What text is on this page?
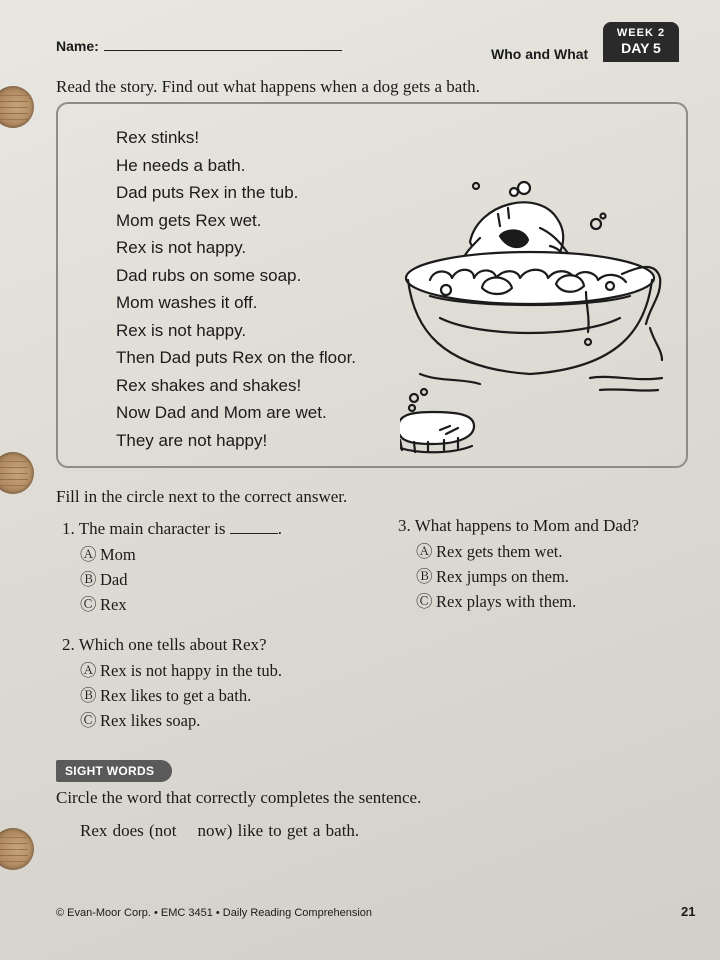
Name:	Who and What
WEEK 2
DAY 5
Read the story. Find out what happens when a dog gets a bath.
Rex stinks!
He needs a bath.
Dad puts Rex in the tub.
Mom gets Rex wet.
Rex is not happy.
Dad rubs on some soap.
Mom washes it off.
Rex is not happy.
Then Dad puts Rex on the floor.
Rex shakes and shakes!
Now Dad and Mom are wet.
They are not happy!
Fill in the circle next to the correct answer.
1. The main character is	.
Ⓐ Mom
Ⓑ Dad
Ⓒ Rex
2. Which one tells about Rex?
Ⓐ Rex is not happy in the tub.
Ⓑ Rex likes to get a bath.
Ⓒ Rex likes soap.
3. What happens to Mom and Dad?
Ⓐ Rex gets them wet.
Ⓑ Rex jumps on them.
Ⓒ Rex plays with them.
SIGHT WORDS
Circle the word that correctly completes the sentence.
Rex does (not now) like to get a bath.
© Evan-Moor Corp. • EMC 3451 • Daily Reading Comprehension	21
